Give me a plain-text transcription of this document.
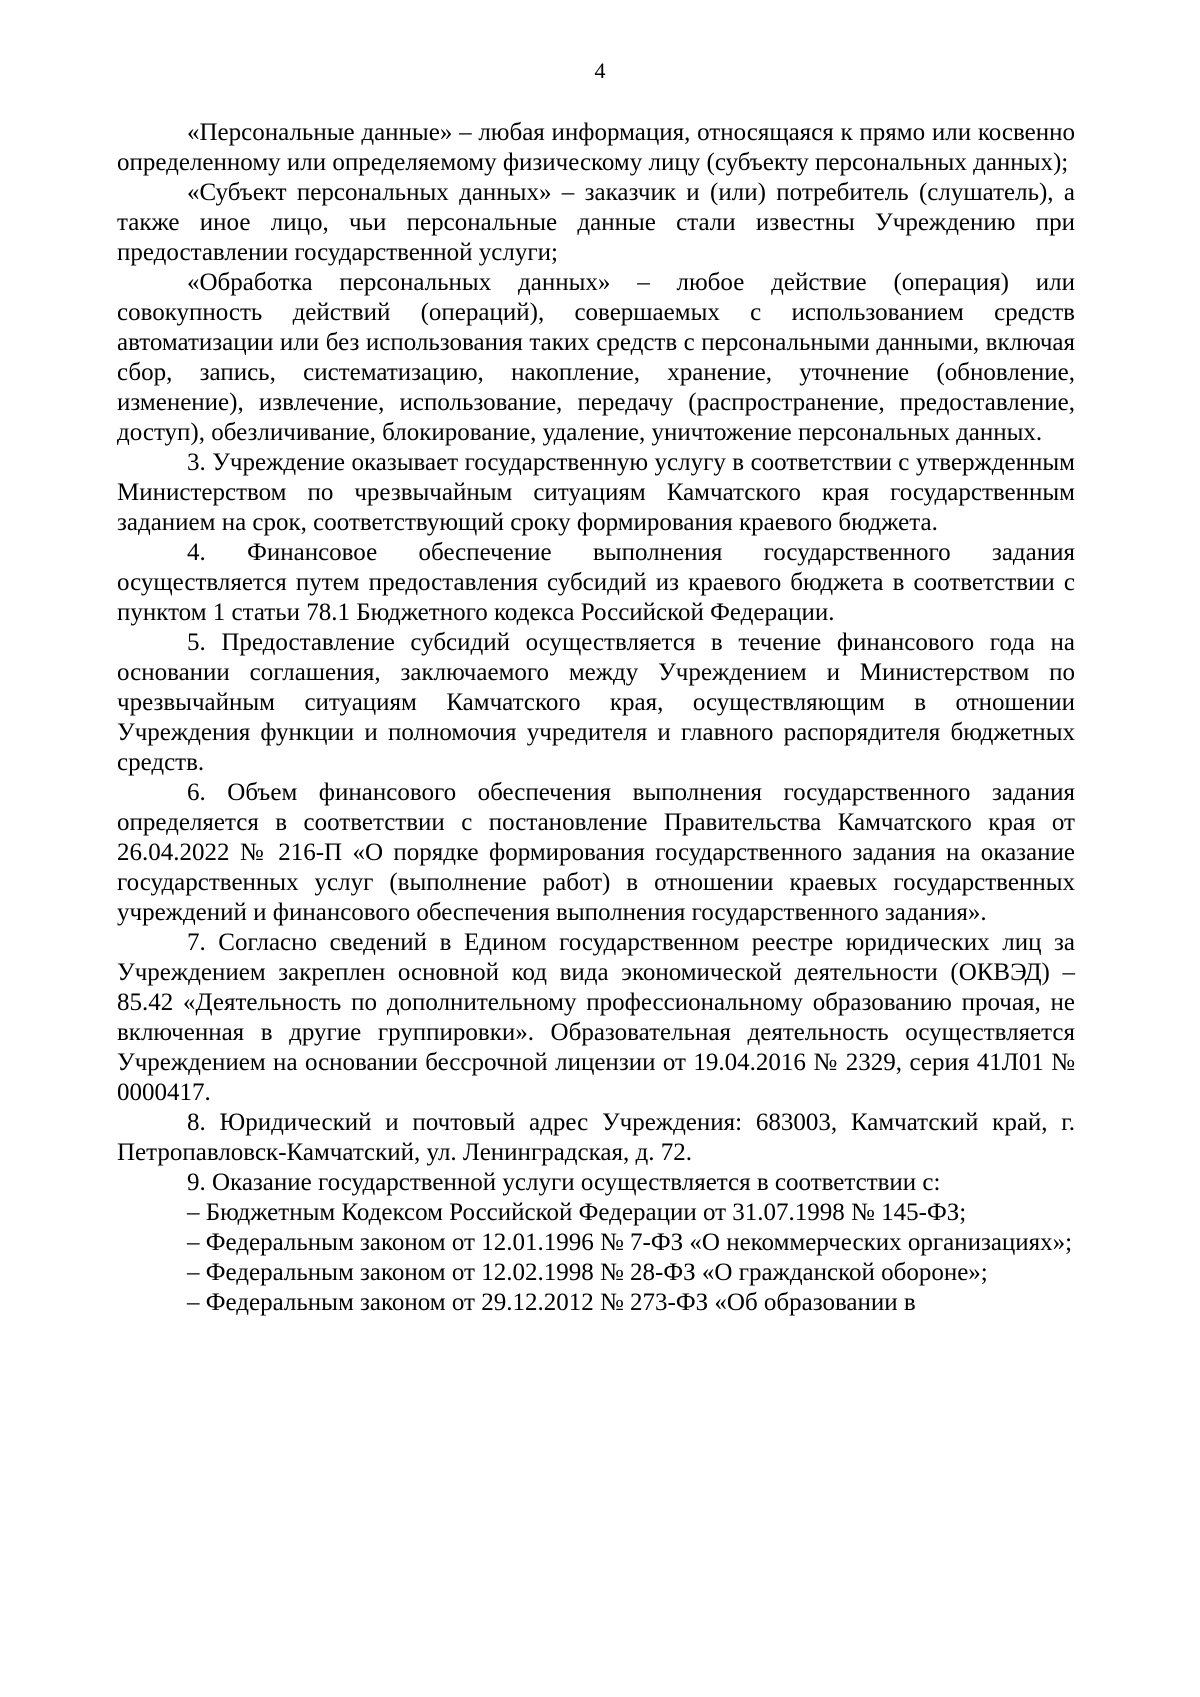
4

«Персональные данные» – любая информация, относящаяся к прямо или косвенно определенному или определяемому физическому лицу (субъекту персональных данных);

«Субъект персональных данных» – заказчик и (или) потребитель (слушатель), а также иное лицо, чьи персональные данные стали известны Учреждению при предоставлении государственной услуги;

«Обработка персональных данных» – любое действие (операция) или совокупность действий (операций), совершаемых с использованием средств автоматизации или без использования таких средств с персональными данными, включая сбор, запись, систематизацию, накопление, хранение, уточнение (обновление, изменение), извлечение, использование, передачу (распространение, предоставление, доступ), обезличивание, блокирование, удаление, уничтожение персональных данных.

3. Учреждение оказывает государственную услугу в соответствии с утвержденным Министерством по чрезвычайным ситуациям Камчатского края государственным заданием на срок, соответствующий сроку формирования краевого бюджета.

4. Финансовое обеспечение выполнения государственного задания осуществляется путем предоставления субсидий из краевого бюджета в соответствии с пунктом 1 статьи 78.1 Бюджетного кодекса Российской Федерации.

5. Предоставление субсидий осуществляется в течение финансового года на основании соглашения, заключаемого между Учреждением и Министерством по чрезвычайным ситуациям Камчатского края, осуществляющим в отношении Учреждения функции и полномочия учредителя и главного распорядителя бюджетных средств.

6. Объем финансового обеспечения выполнения государственного задания определяется в соответствии с постановление Правительства Камчатского края от 26.04.2022 № 216-П «О порядке формирования государственного задания на оказание государственных услуг (выполнение работ) в отношении краевых государственных учреждений и финансового обеспечения выполнения государственного задания».

7. Согласно сведений в Едином государственном реестре юридических лиц за Учреждением закреплен основной код вида экономической деятельности (ОКВЭД) – 85.42 «Деятельность по дополнительному профессиональному образованию прочая, не включенная в другие группировки». Образовательная деятельность осуществляется Учреждением на основании бессрочной лицензии от 19.04.2016 № 2329, серия 41Л01 № 0000417.

8. Юридический и почтовый адрес Учреждения: 683003, Камчатский край, г. Петропавловск-Камчатский, ул. Ленинградская, д. 72.

9. Оказание государственной услуги осуществляется в соответствии с:

– Бюджетным Кодексом Российской Федерации от 31.07.1998 № 145-ФЗ;

– Федеральным законом от 12.01.1996 № 7-ФЗ «О некоммерческих организациях»;

– Федеральным законом от 12.02.1998 № 28-ФЗ «О гражданской обороне»;

– Федеральным законом от 29.12.2012 № 273-ФЗ «Об образовании в
